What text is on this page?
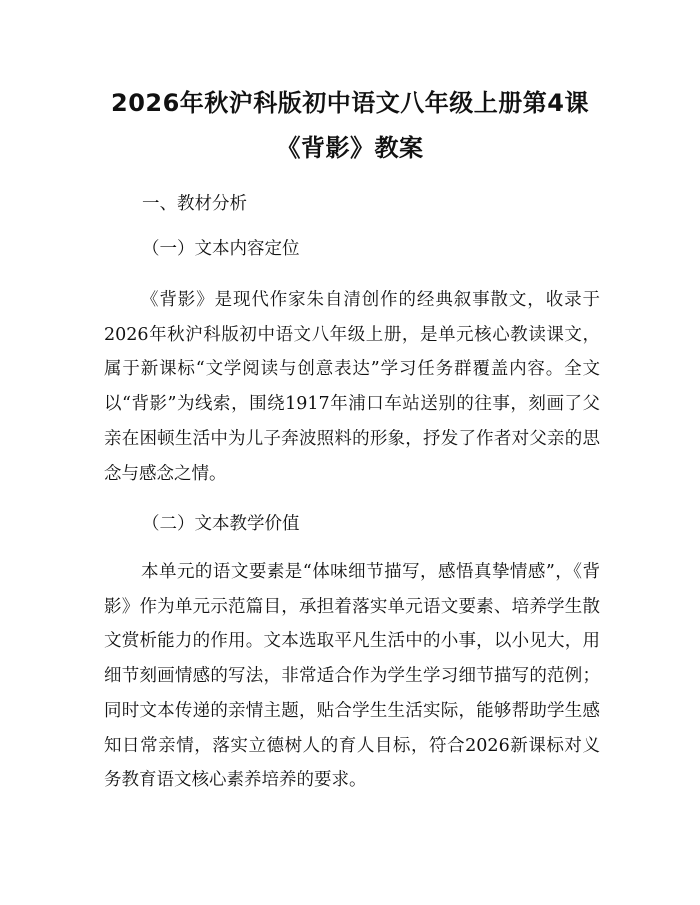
2026年秋沪科版初中语文八年级上册第4课
《背影》教案
一、教材分析
（一）文本内容定位

《背影》是现代作家朱自清创作的经典叙事散文，收录于2026年秋沪科版初中语文八年级上册，是单元核心教读课文，属于新课标“文学阅读与创意表达”学习任务群覆盖内容。全文以“背影”为线索，围绕1917年浦口车站送别的往事，刻画了父亲在困顿生活中为儿子奔波照料的形象，抒发了作者对父亲的思念与感念之情。

（二）文本教学价值

本单元的语文要素是“体味细节描写，感悟真挚情感”，《背影》作为单元示范篇目，承担着落实单元语文要素、培养学生散文赏析能力的作用。文本选取平凡生活中的小事，以小见大，用细节刻画情感的写法，非常适合作为学生学习细节描写的范例；同时文本传递的亲情主题，贴合学生生活实际，能够帮助学生感知日常亲情，落实立德树人的育人目标，符合2026新课标对义务教育语文核心素养培养的要求。
